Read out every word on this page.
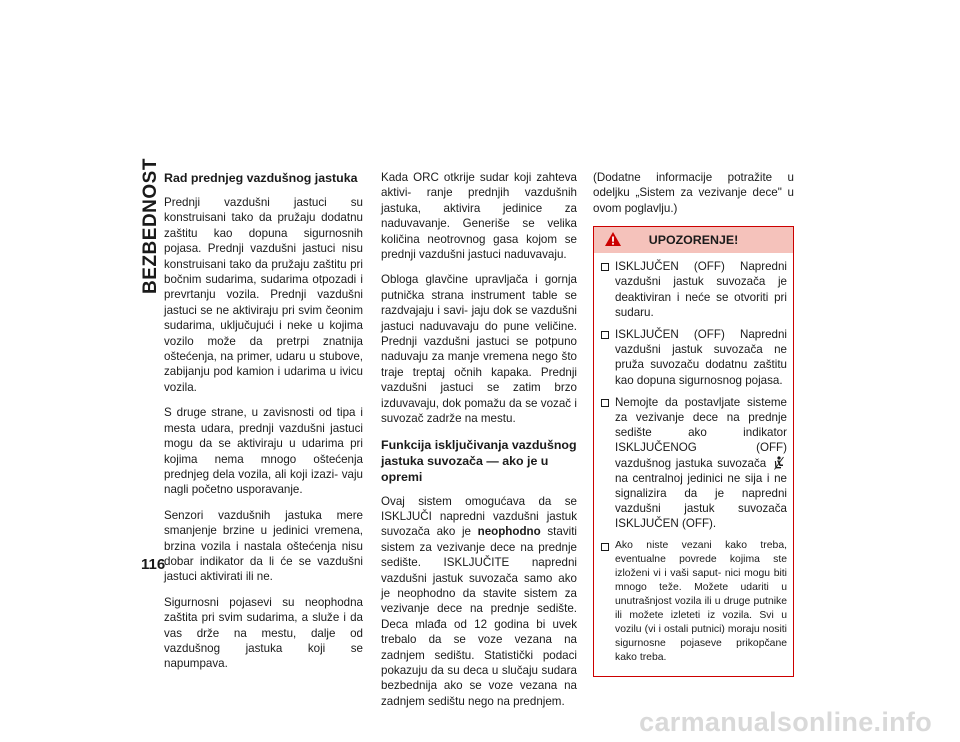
BEZBEDNOST Rad prednjeg vazdušnog jastuka

Prednji vazdušni jastuci su konstruisani tako da pružaju dodatnu zaštitu kao dopuna sigurnosnih pojasa. Prednji vazdušni jastuci nisu konstruisani tako da pružaju zaštitu pri bočnim sudarima, sudarima otpozadi i prevrtanju vozila. Prednji vazdušni jastuci se ne aktiviraju pri svim čeonim sudarima, uključujući i neke u kojima vozilo može da pretrpi znatnija oštećenja, na primer, udaru u stubove, zabijanju pod kamion i udarima u ivicu vozila.

S druge strane, u zavisnosti od tipa i mesta udara, prednji vazdušni jastuci mogu da se aktiviraju u udarima pri kojima nema mnogo oštećenja prednjeg dela vozila, ali koji izazi- vaju nagli početno usporavanje.

Senzori vazdušnih jastuka mere smanjenje brzine u jedinici vremena, brzina vozila i nastala oštećenja nisu dobar indikator da li će se vazdušni jastuci aktivirati ili ne.

Sigurnosni pojasevi su neophodna zaštita pri svim sudarima, a služe i da vas drže na mestu, dalje od vazdušnog jastuka koji se napumpava.

Kada ORC otkrije sudar koji zahteva aktivi- ranje prednjih vazdušnih jastuka, aktivira jedinice za naduvavanje. Generiše se velika količina neotrovnog gasa kojom se prednji vazdušni jastuci naduvavaju.

Obloga glavčine upravljača i gornja putnička strana instrument table se razdvajaju i savi- jaju dok se vazdušni jastuci naduvavaju do pune veličine. Prednji vazdušni jastuci se potpuno naduvaju za manje vremena nego što traje treptaj očnih kapaka. Prednji vazdušni jastuci se zatim brzo izduvavaju, dok pomažu da se vozač i suvozač zadrže na mestu.

Funkcija isključivanja vazdušnog jastuka suvozača — ako je u opremi

Ovaj sistem omogućava da se ISKLJUČI napredni vazdušni jastuk suvozača ako je neophodno staviti sistem za vezivanje dece na prednje sedište. ISKLJUČITE napredni vazdušni jastuk suvozača samo ako je neophodno da stavite sistem za vezivanje dece na prednje sedište. Deca mlađa od 12 godina bi uvek trebalo da se voze vezana na zadnjem sedištu. Statistički podaci pokazuju da su deca u slučaju sudara bezbednija ako se voze vezana na zadnjem sedištu nego na prednjem.

(Dodatne informacije potražite u odeljku „Sistem za vezivanje dece" u ovom poglavlju.)

UPOZORENJE!
ISKLJUČEN (OFF) Napredni vazdušni jastuk suvozača je deaktiviran i neće se otvoriti pri sudaru.
ISKLJUČEN (OFF) Napredni vazdušni jastuk suvozača ne pruža suvozaču dodatnu zaštitu kao dopuna sigurnosnog pojasa.
Nemojte da postavljate sisteme za vezivanje dece na prednje sedište ako indikator ISKLJUČENOG (OFF) vazdušnog jastuka suvozača  na centralnoj jedinici ne sija i ne signalizira da je napredni vazdušni jastuk suvozača ISKLJUČEN (OFF).
Ako niste vezani kako treba, eventualne povrede kojima ste izloženi vi i vaši saput- nici mogu biti mnogo teže. Možete udariti u unutrašnjost vozila ili u druge putnike ili možete izleteti iz vozila. Svi u vozilu (vi i ostali putnici) moraju nositi sigurnosne pojaseve prikopčane kako treba.
116
carmanualsonline.info
